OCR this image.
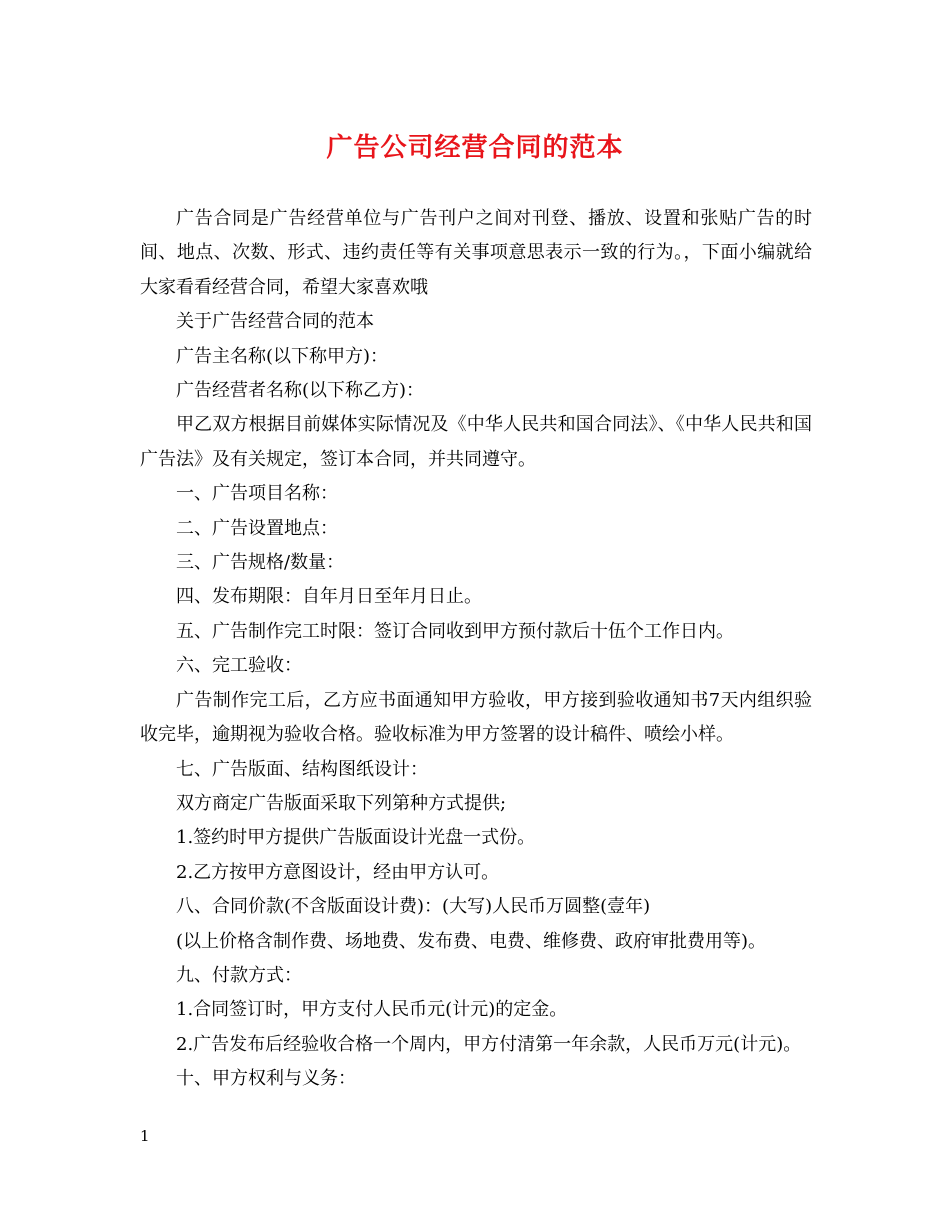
广告公司经营合同的范本

广告合同是广告经营单位与广告刊户之间对刊登、播放、设置和张贴广告的时间、地点、次数、形式、违约责任等有关事项意思表示一致的行为。，下面小编就给大家看看经营合同，希望大家喜欢哦

关于广告经营合同的范本

广告主名称(以下称甲方)：

广告经营者名称(以下称乙方)：

甲乙双方根据目前媒体实际情况及《中华人民共和国合同法》、《中华人民共和国广告法》及有关规定，签订本合同，并共同遵守。

一、广告项目名称：

二、广告设置地点：

三、广告规格/数量：

四、发布期限：自年月日至年月日止。

五、广告制作完工时限：签订合同收到甲方预付款后十伍个工作日内。

六、完工验收：

广告制作完工后，乙方应书面通知甲方验收，甲方接到验收通知书7天内组织验收完毕，逾期视为验收合格。验收标准为甲方签署的设计稿件、喷绘小样。

七、广告版面、结构图纸设计：

双方商定广告版面采取下列第种方式提供;

1.签约时甲方提供广告版面设计光盘一式份。

2.乙方按甲方意图设计，经由甲方认可。

八、合同价款(不含版面设计费)：(大写)人民币万圆整(壹年)

(以上价格含制作费、场地费、发布费、电费、维修费、政府审批费用等)。

九、付款方式：

1.合同签订时，甲方支付人民币元(计元)的定金。

2.广告发布后经验收合格一个周内，甲方付清第一年余款，人民币万元(计元)。

十、甲方权利与义务：

1
